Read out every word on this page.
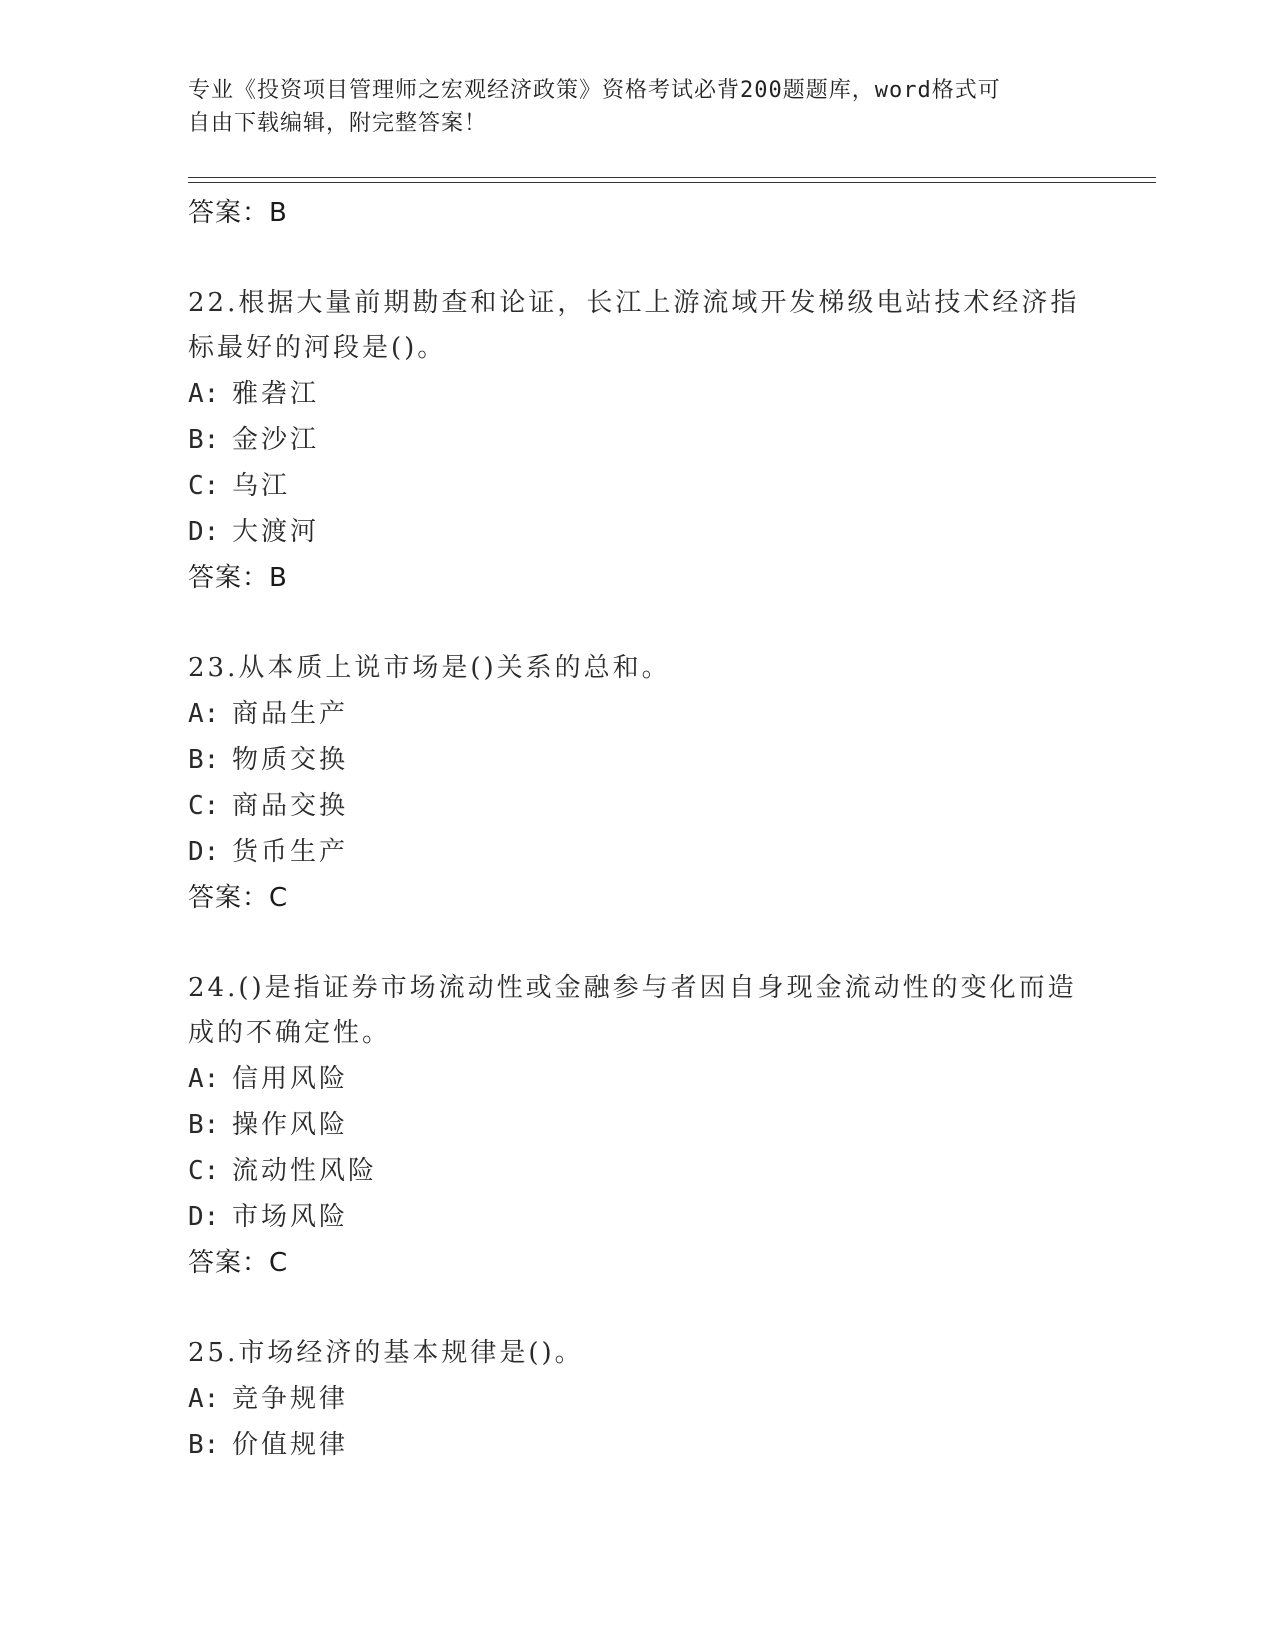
专业《投资项目管理师之宏观经济政策》资格考试必背200题题库，word格式可
自由下载编辑，附完整答案！
答案：B
22.根据大量前期勘查和论证，长江上游流域开发梯级电站技术经济指
标最好的河段是()。
A: 雅砻江
B: 金沙江
C: 乌江
D: 大渡河
答案：B
23.从本质上说市场是()关系的总和。
A: 商品生产
B: 物质交换
C: 商品交换
D: 货币生产
答案：C
24.()是指证券市场流动性或金融参与者因自身现金流动性的变化而造
成的不确定性。
A: 信用风险
B: 操作风险
C: 流动性风险
D: 市场风险
答案：C
25.市场经济的基本规律是()。
A: 竞争规律
B: 价值规律
